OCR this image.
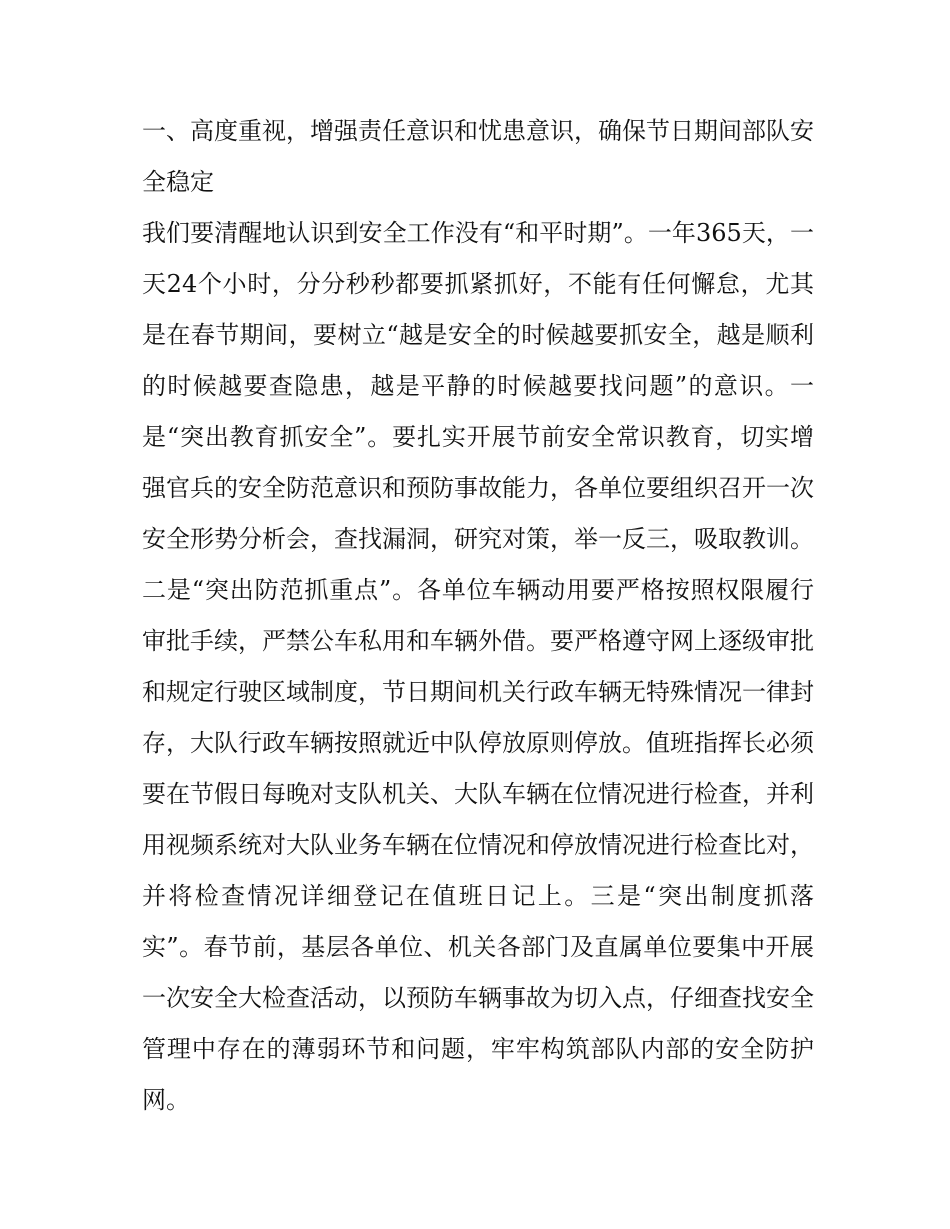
一、高度重视，增强责任意识和忧患意识，确保节日期间部队安全稳定

我们要清醒地认识到安全工作没有“和平时期”。一年365天，一天24个小时，分分秒秒都要抓紧抓好，不能有任何懈怠，尤其是在春节期间，要树立“越是安全的时候越要抓安全，越是顺利的时候越要查隐患，越是平静的时候越要找问题”的意识。一是“突出教育抓安全”。要扎实开展节前安全常识教育，切实增强官兵的安全防范意识和预防事故能力，各单位要组织召开一次安全形势分析会，查找漏洞，研究对策，举一反三，吸取教训。二是“突出防范抓重点”。各单位车辆动用要严格按照权限履行审批手续，严禁公车私用和车辆外借。要严格遵守网上逐级审批和规定行驶区域制度，节日期间机关行政车辆无特殊情况一律封存，大队行政车辆按照就近中队停放原则停放。值班指挥长必须要在节假日每晚对支队机关、大队车辆在位情况进行检查，并利用视频系统对大队业务车辆在位情况和停放情况进行检查比对，并将检查情况详细登记在值班日记上。三是“突出制度抓落实”。春节前，基层各单位、机关各部门及直属单位要集中开展一次安全大检查活动，以预防车辆事故为切入点，仔细查找安全管理中存在的薄弱环节和问题，牢牢构筑部队内部的安全防护网。
